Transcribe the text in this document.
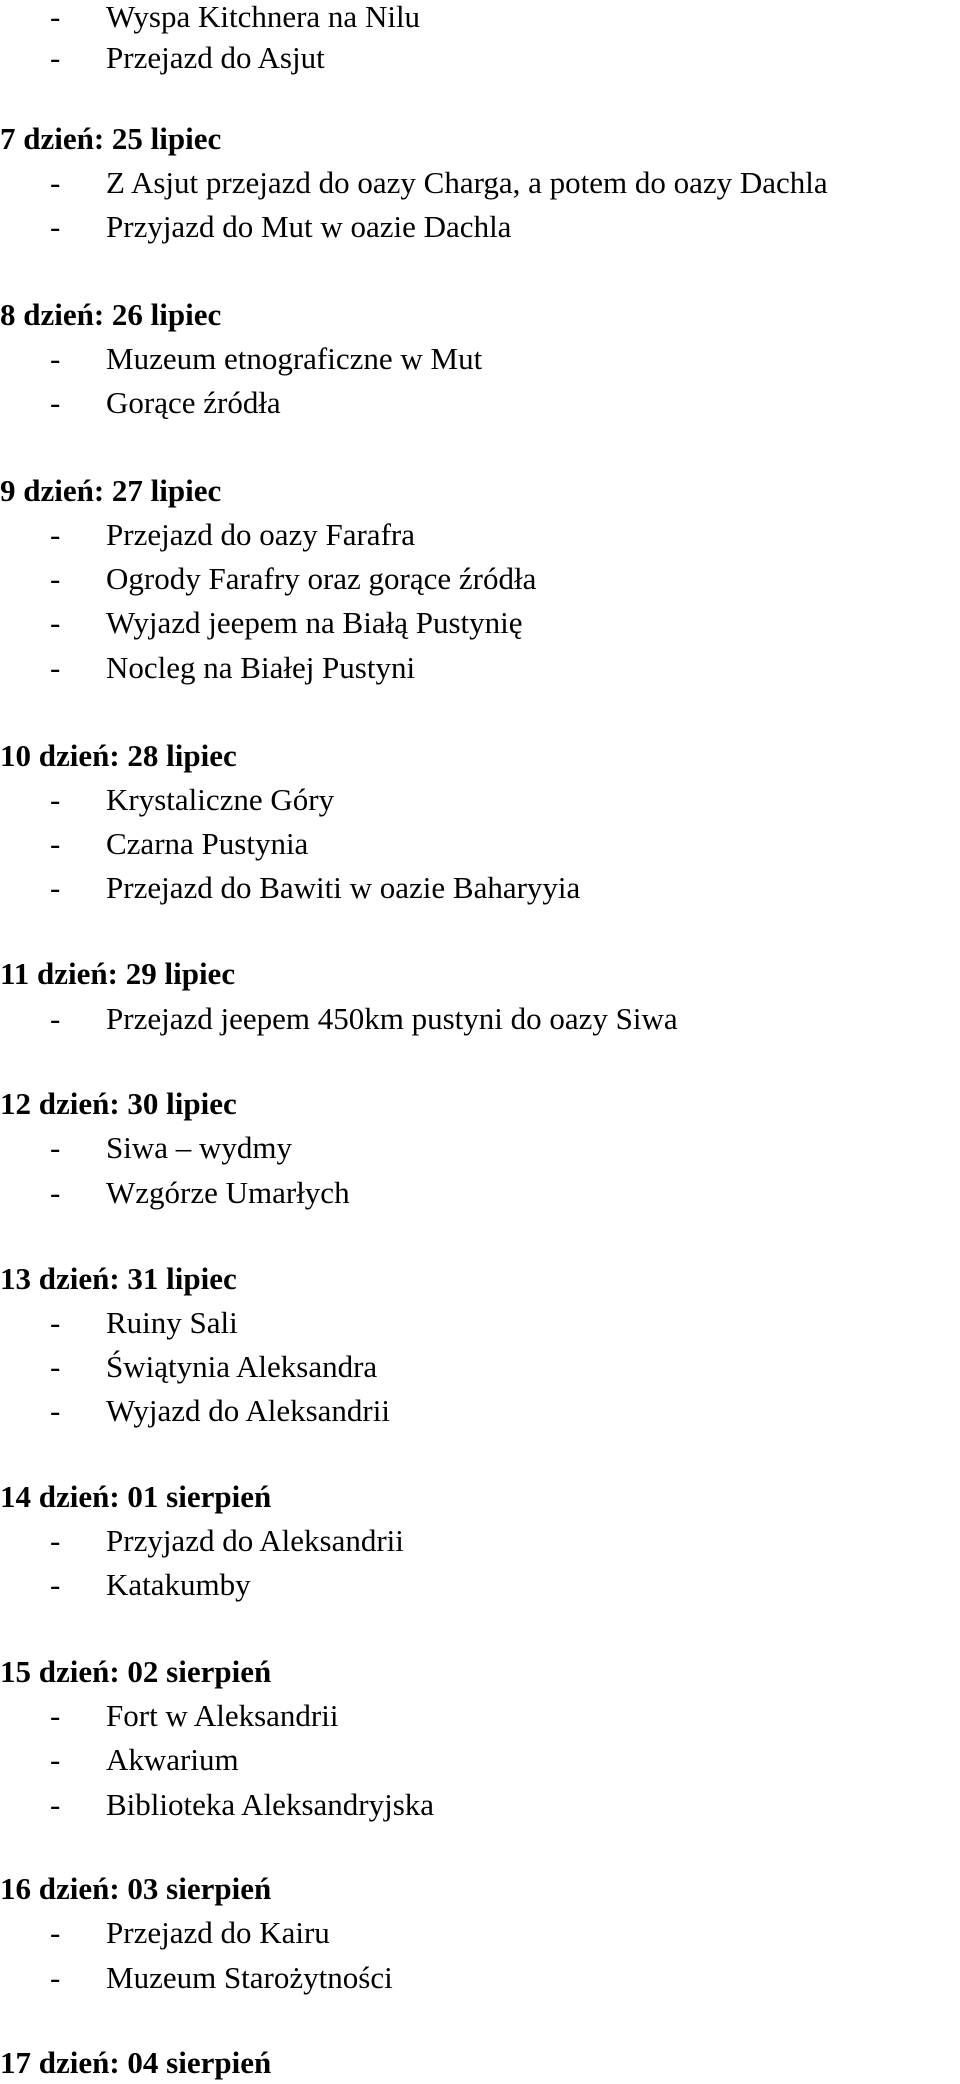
-	Wyspa Kitchnera na Nilu
-	Przejazd do Asjut
7 dzień: 25 lipiec
-	Z Asjut przejazd do oazy Charga, a potem do oazy Dachla
-	Przyjazd do Mut w oazie Dachla
8 dzień: 26 lipiec
-	Muzeum etnograficzne w Mut
-	Gorące źródła
9 dzień: 27 lipiec
-	Przejazd do oazy Farafra
-	Ogrody Farafry oraz gorące źródła
-	Wyjazd jeepem na Białą Pustynię
-	Nocleg na Białej Pustyni
10 dzień: 28 lipiec
-	Krystaliczne Góry
-	Czarna Pustynia
-	Przejazd do Bawiti w oazie Baharyyia
11 dzień: 29 lipiec
-	Przejazd jeepem 450km pustyni do oazy Siwa
12 dzień: 30 lipiec
-	Siwa – wydmy
-	Wzgórze Umarłych
13 dzień: 31 lipiec
-	Ruiny Sali
-	Świątynia Aleksandra
-	Wyjazd do Aleksandrii
14 dzień: 01 sierpień
-	Przyjazd do Aleksandrii
-	Katakumby
15 dzień: 02 sierpień
-	Fort w Aleksandrii
-	Akwarium
-	Biblioteka Aleksandryjska
16 dzień: 03 sierpień
-	Przejazd do Kairu
-	Muzeum Starożytności
17 dzień: 04 sierpień
